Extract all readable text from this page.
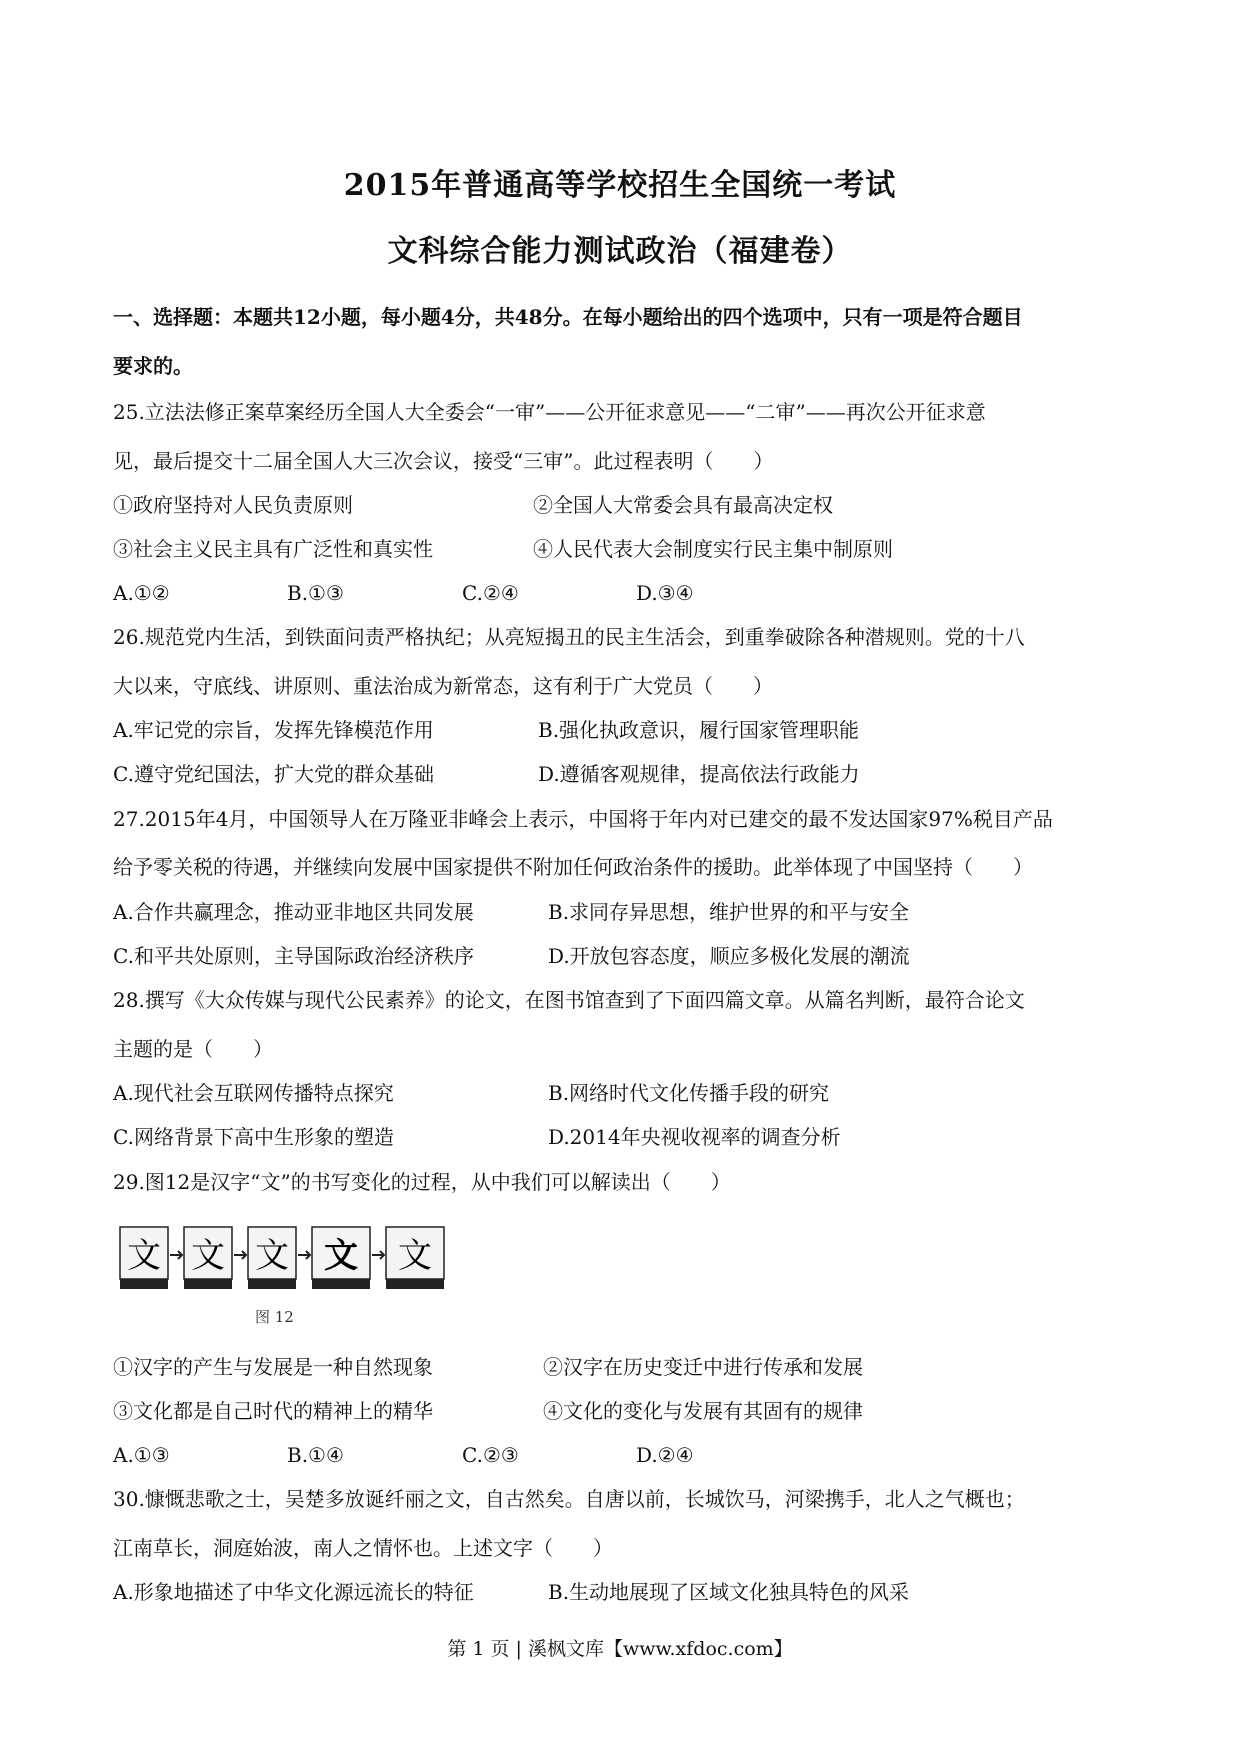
2015年普通高等学校招生全国统一考试
文科综合能力测试政治（福建卷）
一、选择题：本题共12小题，每小题4分，共48分。在每小题给出的四个选项中，只有一项是符合题目
要求的。
25.立法法修正案草案经历全国人大全委会“一审”——公开征求意见——“二审”——再次公开征求意
见，最后提交十二届全国人大三次会议，接受“三审”。此过程表明（　　）
①政府坚持对人民负责原则	②全国人大常委会具有最高决定权
③社会主义民主具有广泛性和真实性	④人民代表大会制度实行民主集中制原则
A.①②	B.①③	C.②④	D.③④
26.规范党内生活，到铁面问责严格执纪；从亮短揭丑的民主生活会，到重拳破除各种潜规则。党的十八
大以来，守底线、讲原则、重法治成为新常态，这有利于广大党员（　　）
A.牢记党的宗旨，发挥先锋模范作用	B.强化执政意识，履行国家管理职能
C.遵守党纪国法，扩大党的群众基础	D.遵循客观规律，提高依法行政能力
27.2015年4月，中国领导人在万隆亚非峰会上表示，中国将于年内对已建交的最不发达国家97%税目产品
给予零关税的待遇，并继续向发展中国家提供不附加任何政治条件的援助。此举体现了中国坚持（　　）
A.合作共赢理念，推动亚非地区共同发展	B.求同存异思想，维护世界的和平与安全
C.和平共处原则，主导国际政治经济秩序	D.开放包容态度，顺应多极化发展的潮流
28.撰写《大众传媒与现代公民素养》的论文，在图书馆查到了下面四篇文章。从篇名判断，最符合论文
主题的是（　　）
A.现代社会互联网传播特点探究	B.网络时代文化传播手段的研究
C.网络背景下高中生形象的塑造	D.2014年央视收视率的调查分析
29.图12是汉字“文”的书写变化的过程，从中我们可以解读出（　　）
文 文 文 文 文
图 12
①汉字的产生与发展是一种自然现象	②汉字在历史变迁中进行传承和发展
③文化都是自己时代的精神上的精华	④文化的变化与发展有其固有的规律
A.①③	B.①④	C.②③	D.②④
30.慷慨悲歌之士，吴楚多放诞纤丽之文，自古然矣。自唐以前，长城饮马，河梁携手，北人之气概也；
江南草长，洞庭始波，南人之情怀也。上述文字（　　）
A.形象地描述了中华文化源远流长的特征	B.生动地展现了区域文化独具特色的风采
第 1 页 | 溪枫文库【www.xfdoc.com】
